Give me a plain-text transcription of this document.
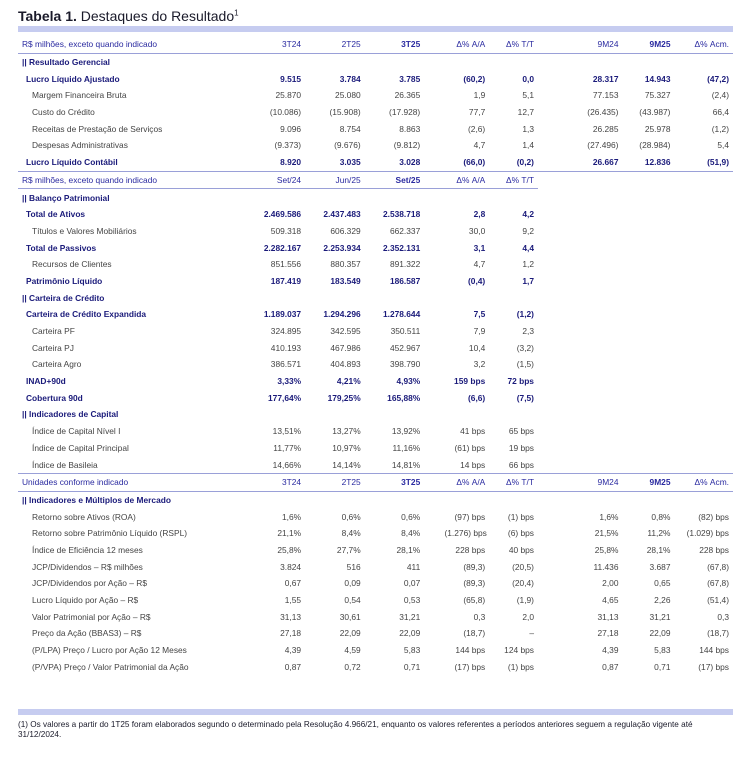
Tabela 1. Destaques do Resultado$^1$
R$ milhões, exceto quando indicado	3T24	2T25	3T25		Δ% A/A	Δ% T/T		9M24	9M25	Δ% Acm.
|| Resultado Gerencial
Lucro Líquido Ajustado	9.515	3.784	3.785		(60,2)	0,0		28.317	14.943	(47,2)
Margem Financeira Bruta	25.870	25.080	26.365		1,9	5,1		77.153	75.327	(2,4)
Custo do Crédito	(10.086)	(15.908)	(17.928)		77,7	12,7		(26.435)	(43.987)	66,4
Receitas de Prestação de Serviços	9.096	8.754	8.863		(2,6)	1,3		26.285	25.978	(1,2)
Despesas Administrativas	(9.373)	(9.676)	(9.812)		4,7	1,4		(27.496)	(28.984)	5,4
Lucro Líquido Contábil	8.920	3.035	3.028		(66,0)	(0,2)		26.667	12.836	(51,9)
R$ milhões, exceto quando indicado	Set/24	Jun/25	Set/25		Δ% A/A	Δ% T/T				
|| Balanço Patrimonial
Total de Ativos	2.469.586	2.437.483	2.538.718		2,8	4,2				
Títulos e Valores Mobiliários	509.318	606.329	662.337		30,0	9,2				
Total de Passivos	2.282.167	2.253.934	2.352.131		3,1	4,4				
Recursos de Clientes	851.556	880.357	891.322		4,7	1,2				
Patrimônio Líquido	187.419	183.549	186.587		(0,4)	1,7				
|| Carteira de Crédito
Carteira de Crédito Expandida	1.189.037	1.294.296	1.278.644		7,5	(1,2)				
Carteira PF	324.895	342.595	350.511		7,9	2,3				
Carteira PJ	410.193	467.986	452.967		10,4	(3,2)				
Carteira Agro	386.571	404.893	398.790		3,2	(1,5)				
INAD+90d	3,33%	4,21%	4,93%		159 bps	72 bps				
Cobertura 90d	177,64%	179,25%	165,88%		(6,6)	(7,5)				
|| Indicadores de Capital
Índice de Capital Nível I	13,51%	13,27%	13,92%		41 bps	65 bps				
Índice de Capital Principal	11,77%	10,97%	11,16%		(61) bps	19 bps				
Índice de Basileia	14,66%	14,14%	14,81%		14 bps	66 bps				
Unidades conforme indicado	3T24	2T25	3T25		Δ% A/A	Δ% T/T		9M24	9M25	Δ% Acm.
|| Indicadores e Múltiplos de Mercado
Retorno sobre Ativos (ROA)	1,6%	0,6%	0,6%		(97) bps	(1) bps		1,6%	0,8%	(82) bps
Retorno sobre Patrimônio Líquido (RSPL)	21,1%	8,4%	8,4%		(1.276) bps	(6) bps		21,5%	11,2%	(1.029) bps
Índice de Eficiência 12 meses	25,8%	27,7%	28,1%		228 bps	40 bps		25,8%	28,1%	228 bps
JCP/Dividendos – R$ milhões	3.824	516	411		(89,3)	(20,5)		11.436	3.687	(67,8)
JCP/Dividendos por Ação – R$	0,67	0,09	0,07		(89,3)	(20,4)		2,00	0,65	(67,8)
Lucro Líquido por Ação – R$	1,55	0,54	0,53		(65,8)	(1,9)		4,65	2,26	(51,4)
Valor Patrimonial por Ação – R$	31,13	30,61	31,21		0,3	2,0		31,13	31,21	0,3
Preço da Ação (BBAS3) – R$	27,18	22,09	22,09		(18,7)	–		27,18	22,09	(18,7)
(P/LPA) Preço / Lucro por Ação 12 Meses	4,39	4,59	5,83		144 bps	124 bps		4,39	5,83	144 bps
(P/VPA) Preço / Valor Patrimonial da Ação	0,87	0,72	0,71		(17) bps	(1) bps		0,87	0,71	(17) bps
(1) Os valores a partir do 1T25 foram elaborados segundo o determinado pela Resolução 4.966/21, enquanto os valores referentes a períodos anteriores seguem a regulação vigente até 31/12/2024.
